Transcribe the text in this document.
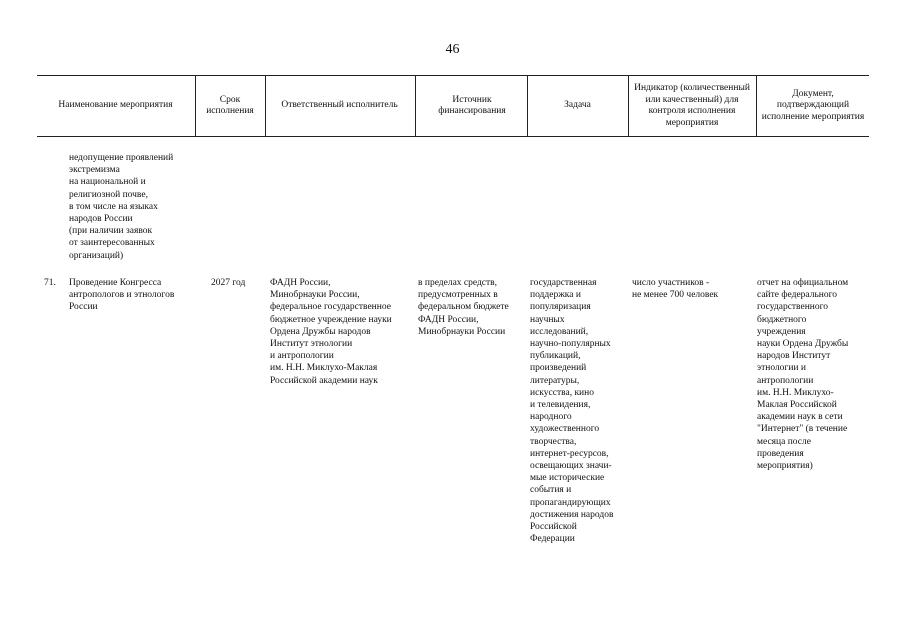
46
Наименование мероприятия
Срок исполнения
Ответственный исполнитель
Источник финансирования
Задача
Индикатор (количественный или качественный) для контроля исполнения мероприятия
Документ, подтверждающий исполнение мероприятия
недопущение проявлений
экстремизма
на национальной и
религиозной почве,
в том числе на языках
народов России
(при наличии заявок
от заинтересованных
организаций)
71. Проведение Конгресса
антропологов и этнологов
России
2027 год	ФАДН России,
Минобрнауки России,
федеральное государственное
бюджетное учреждение науки
Ордена Дружбы народов
Институт этнологии
и антропологии
им. Н.Н. Миклухо-Маклая
Российской академии наук
в пределах средств,
предусмотренных в
федеральном бюджете
ФАДН России,
Минобрнауки России
государственная
поддержка и
популяризация
научных
исследований,
научно-популярных
публикаций,
произведений
литературы,
искусства, кино
и телевидения,
народного
художественного
творчества,
интернет-ресурсов,
освещающих значи-
мые исторические
события и
пропагандирующих
достижения народов
Российской
Федерации
число участников -
не менее 700 человек
отчет на официальном
сайте федерального
государственного
бюджетного
учреждения
науки Ордена Дружбы
народов Институт
этнологии и
антропологии
им. Н.Н. Миклухо-
Маклая Российской
академии наук в сети
"Интернет" (в течение
месяца после
проведения
мероприятия)
